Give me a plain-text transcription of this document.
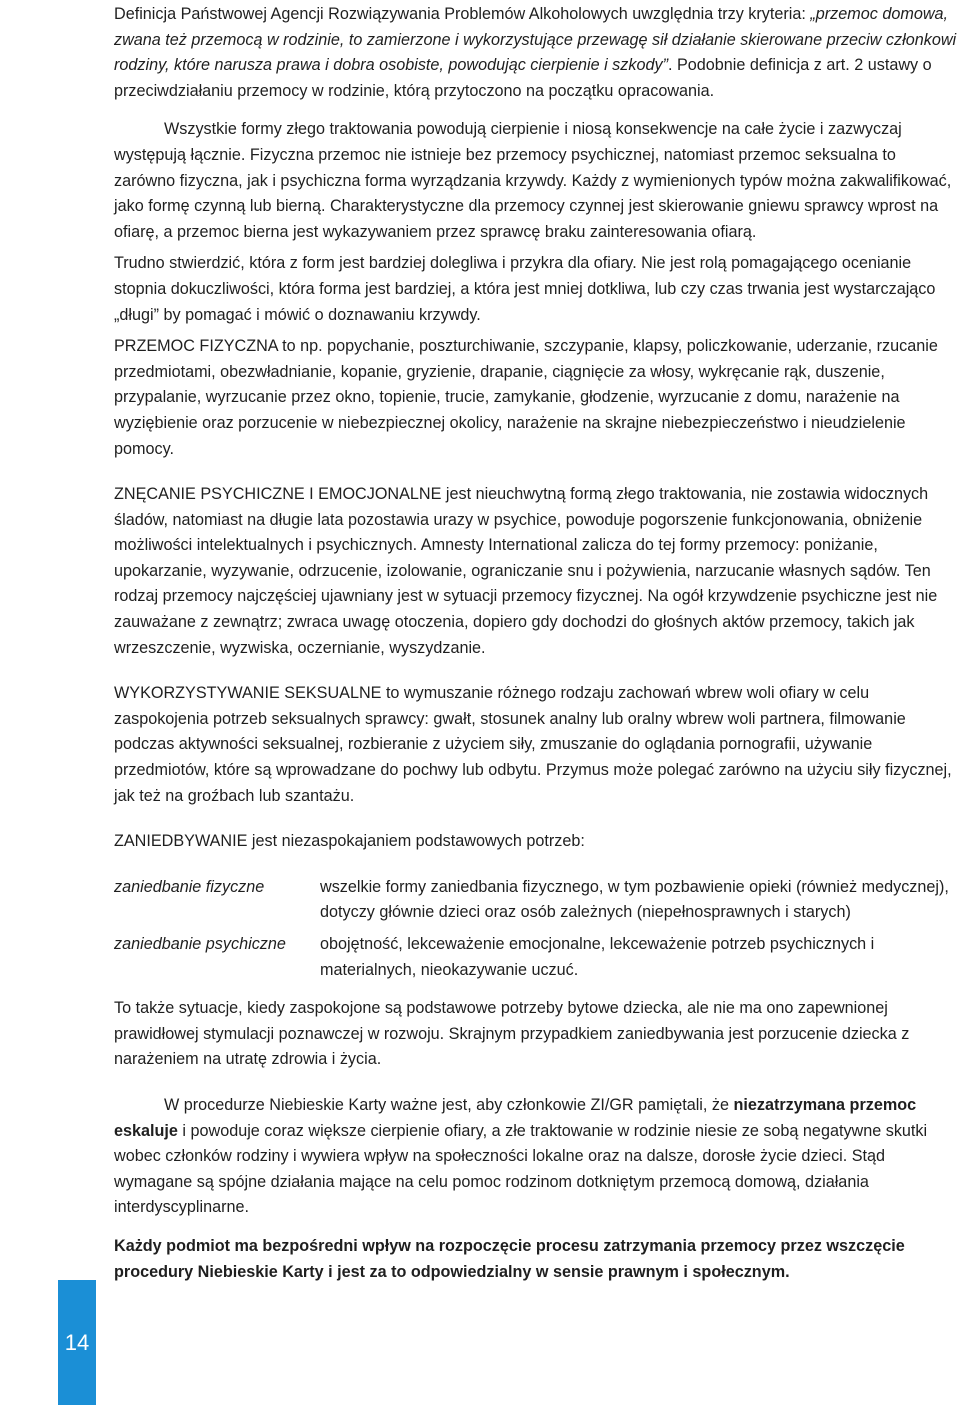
14

Definicja Państwowej Agencji Rozwiązywania Problemów Alkoholowych uwzględnia trzy kryteria: „przemoc domowa, zwana też przemocą w rodzinie, to zamierzone i wykorzystujące przewagę sił działanie skierowane przeciw członkowi rodziny, które narusza prawa i dobra osobiste, powodując cierpienie i szkody”. Podobnie definicja z art. 2 ustawy o przeciwdziałaniu przemocy w rodzinie, którą przytoczono na początku opracowania.

Wszystkie formy złego traktowania powodują cierpienie i niosą konsekwencje na całe życie i zazwyczaj występują łącznie. Fizyczna przemoc nie istnieje bez przemocy psychicznej, natomiast przemoc seksualna to zarówno fizyczna, jak i psychiczna forma wyrządzania krzywdy. Każdy z wymienionych typów można zakwalifikować, jako formę czynną lub bierną. Charakterystyczne dla przemocy czynnej jest skierowanie gniewu sprawcy wprost na ofiarę, a przemoc bierna jest wykazywaniem przez sprawcę braku zainteresowania ofiarą.

Trudno stwierdzić, która z form jest bardziej dolegliwa i przykra dla ofiary. Nie jest rolą pomagającego ocenianie stopnia dokuczliwości, która forma jest bardziej, a która jest mniej dotkliwa, lub czy czas trwania jest wystarczająco „długi” by pomagać i mówić o doznawaniu krzywdy.

PRZEMOC FIZYCZNA to np. popychanie, poszturchiwanie, szczypanie, klapsy, policzkowanie, uderzanie, rzucanie przedmiotami, obezwładnianie, kopanie, gryzienie, drapanie, ciągnięcie za włosy, wykręcanie rąk, duszenie, przypalanie, wyrzucanie przez okno, topienie, trucie, zamykanie, głodzenie, wyrzucanie z domu, narażenie na wyziębienie oraz porzucenie w niebezpiecznej okolicy, narażenie na skrajne niebezpieczeństwo i nieudzielenie pomocy.

ZNĘCANIE PSYCHICZNE I EMOCJONALNE jest nieuchwytną formą złego traktowania, nie zostawia widocznych śladów, natomiast na długie lata pozostawia urazy w psychice, powoduje pogorszenie funkcjonowania, obniżenie możliwości intelektualnych i psychicznych. Amnesty International zalicza do tej formy przemocy: poniżanie, upokarzanie, wyzywanie, odrzucenie, izolowanie, ograniczanie snu i pożywienia, narzucanie własnych sądów. Ten rodzaj przemocy najczęściej ujawniany jest w sytuacji przemocy fizycznej. Na ogół krzywdzenie psychiczne jest nie zauważane z zewnątrz; zwraca uwagę otoczenia, dopiero gdy dochodzi do głośnych aktów przemocy, takich jak wrzeszczenie, wyzwiska, oczernianie, wyszydzanie.

WYKORZYSTYWANIE SEKSUALNE to wymuszanie różnego rodzaju zachowań wbrew woli ofiary w celu zaspokojenia potrzeb seksualnych sprawcy: gwałt, stosunek analny lub oralny wbrew woli partnera, filmowanie podczas aktywności seksualnej, rozbieranie z użyciem siły, zmuszanie do oglądania pornografii, używanie przedmiotów, które są wprowadzane do pochwy lub odbytu. Przymus może polegać zarówno na użyciu siły fizycznej, jak też na groźbach lub szantażu.

ZANIEDBYWANIE jest niezaspokajaniem podstawowych potrzeb:

zaniedbanie fizyczne	wszelkie formy zaniedbania fizycznego, w tym pozbawienie opieki (również medycznej), dotyczy głównie dzieci oraz osób zależnych (niepełnosprawnych i starych)
zaniedbanie psychiczne	obojętność, lekceważenie emocjonalne, lekceważenie potrzeb psychicznych i materialnych, nieokazywanie uczuć.

To także sytuacje, kiedy zaspokojone są podstawowe potrzeby bytowe dziecka, ale nie ma ono zapewnionej prawidłowej stymulacji poznawczej w rozwoju. Skrajnym przypadkiem zaniedbywania jest porzucenie dziecka z narażeniem na utratę zdrowia i życia.

W procedurze Niebieskie Karty ważne jest, aby członkowie ZI/GR pamiętali, że niezatrzymana przemoc eskaluje i powoduje coraz większe cierpienie ofiary, a złe traktowanie w rodzinie niesie ze sobą negatywne skutki wobec członków rodziny i wywiera wpływ na społeczności lokalne oraz na dalsze, dorosłe życie dzieci. Stąd wymagane są spójne działania mające na celu pomoc rodzinom dotkniętym przemocą domową, działania interdyscyplinarne.

Każdy podmiot ma bezpośredni wpływ na rozpoczęcie procesu zatrzymania przemocy przez wszczęcie procedury Niebieskie Karty i jest za to odpowiedzialny w sensie prawnym i społecznym.
